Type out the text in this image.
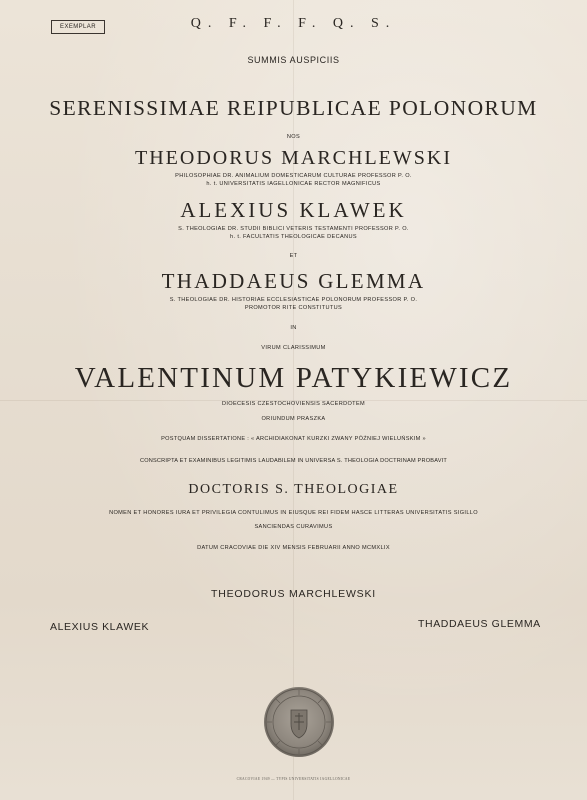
EXEMPLAR	Q. F. F. F. Q. S.
SUMMIS AUSPICIIS
SERENISSIMAE REIPUBLICAE POLONORUM
NOS
THEODORUS MARCHLEWSKI
PHILOSOPHIAE DR. ANIMALIUM DOMESTICARUM CULTURAE PROFESSOR P. O.
h. t. UNIVERSITATIS IAGELLONICAE RECTOR MAGNIFICUS
ALEXIUS KLAWEK
S. THEOLOGIAE DR. STUDII BIBLICI VETERIS TESTAMENTI PROFESSOR P. O.
h. t. FACULTATIS THEOLOGICAE DECANUS
ET
THADDAEUS GLEMMA
S. THEOLOGIAE DR. HISTORIAE ECCLESIASTICAE POLONORUM PROFESSOR P. O.
PROMOTOR RITE CONSTITUTUS
IN
VIRUM CLARISSIMUM
VALENTINUM PATYKIEWICZ
DIOECESIS CZESTOCHOVIENSIS SACERDOTEM
ORIUNDUM PRASZKA
POSTQUAM DISSERTATIONE : « ARCHIDIAKONAT KURZKI ZWANY PÓŹNIEJ WIELUŃSKIM »
CONSCRIPTA ET EXAMINIBUS LEGITIMIS LAUDABILEM IN UNIVERSA S. THEOLOGIA DOCTRINAM PROBAVIT
DOCTORIS S. THEOLOGIAE
NOMEN ET HONORES IURA ET PRIVILEGIA CONTULIMUS IN EIUSQUE REI FIDEM HASCE LITTERAS UNIVERSITATIS SIGILLO
SANCIENDAS CURAVIMUS
DATUM CRACOVIAE DIE XIV MENSIS FEBRUARII ANNO MCMXLIX
THEODORUS MARCHLEWSKI
ALEXIUS KLAWEK	THADDAEUS GLEMMA
CRACOVIAE 1949 — TYPIS UNIVERSITATIS IAGELLONICAE
